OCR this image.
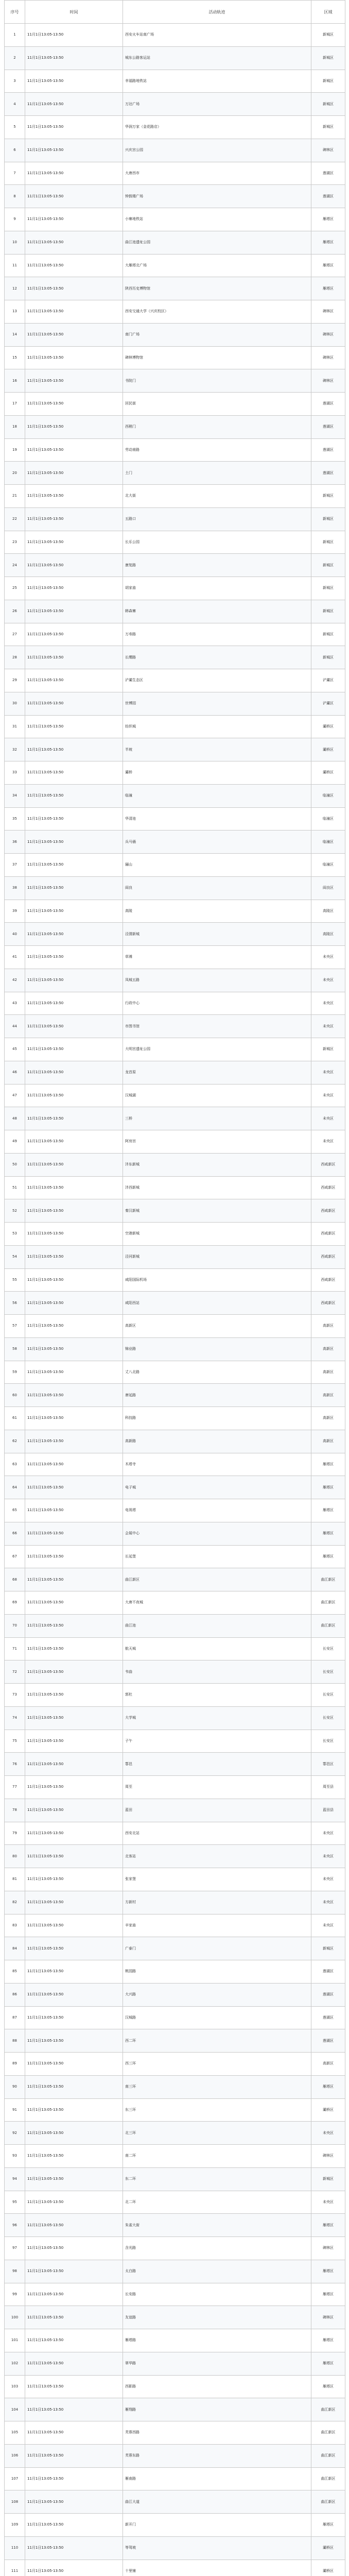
序号	时间	活动轨迹	区域
1	11月1日13:05-13:50	西安火车站南广场	新城区
2	11月1日13:05-13:50	城东公路客运站	新城区
3	11月1日13:05-13:50	幸福路地铁站	新城区
4	11月1日13:05-13:50	万达广场	新城区
5	11月1日13:05-13:50	华润万家（金花路店）	新城区
6	11月1日13:05-13:50	兴庆宫公园	碑林区
7	11月1日13:05-13:50	大唐西市	莲湖区
8	11月1日13:05-13:50	钟鼓楼广场	莲湖区
9	11月1日13:05-13:50	小寨地铁站	雁塔区
10	11月1日13:05-13:50	曲江池遗址公园	雁塔区
11	11月1日13:05-13:50	大雁塔北广场	雁塔区
12	11月1日13:05-13:50	陕西历史博物馆	雁塔区
13	11月1日13:05-13:50	西安交通大学（兴庆校区）	碑林区
14	11月1日13:05-13:50	南门广场	碑林区
15	11月1日13:05-13:50	碑林博物馆	碑林区
16	11月1日13:05-13:50	书院门	碑林区
17	11月1日13:05-13:50	回民街	莲湖区
18	11月1日13:05-13:50	西稍门	莲湖区
19	11月1日13:05-13:50	劳动南路	莲湖区
20	11月1日13:05-13:50	土门	莲湖区
21	11月1日13:05-13:50	北大街	新城区
22	11月1日13:05-13:50	五路口	新城区
23	11月1日13:05-13:50	长乐公园	新城区
24	11月1日13:05-13:50	康复路	新城区
25	11月1日13:05-13:50	胡家庙	新城区
26	11月1日13:05-13:50	韩森寨	新城区
27	11月1日13:05-13:50	万寿路	新城区
28	11月1日13:05-13:50	长缨路	新城区
29	11月1日13:05-13:50	浐灞生态区	浐灞区
30	11月1日13:05-13:50	世博园	浐灞区
31	11月1日13:05-13:50	纺织城	灞桥区
32	11月1日13:05-13:50	半坡	灞桥区
33	11月1日13:05-13:50	灞桥	灞桥区
34	11月1日13:05-13:50	临潼	临潼区
35	11月1日13:05-13:50	华清池	临潼区
36	11月1日13:05-13:50	兵马俑	临潼区
37	11月1日13:05-13:50	骊山	临潼区
38	11月1日13:05-13:50	阎良	阎良区
39	11月1日13:05-13:50	高陵	高陵区
40	11月1日13:05-13:50	泾渭新城	高陵区
41	11月1日13:05-13:50	草滩	未央区
42	11月1日13:05-13:50	凤城五路	未央区
43	11月1日13:05-13:50	行政中心	未央区
44	11月1日13:05-13:50	市图书馆	未央区
45	11月1日13:05-13:50	大明宫遗址公园	新城区
46	11月1日13:05-13:50	龙首原	未央区
47	11月1日13:05-13:50	汉城湖	未央区
48	11月1日13:05-13:50	三桥	未央区
49	11月1日13:05-13:50	阿房宫	未央区
50	11月1日13:05-13:50	沣东新城	西咸新区
51	11月1日13:05-13:50	沣西新城	西咸新区
52	11月1日13:05-13:50	秦汉新城	西咸新区
53	11月1日13:05-13:50	空港新城	西咸新区
54	11月1日13:05-13:50	泾河新城	西咸新区
55	11月1日13:05-13:50	咸阳国际机场	西咸新区
56	11月1日13:05-13:50	咸阳西站	西咸新区
57	11月1日13:05-13:50	高新区	高新区
58	11月1日13:05-13:50	锦业路	高新区
59	11月1日13:05-13:50	丈八北路	高新区
60	11月1日13:05-13:50	唐延路	高新区
61	11月1日13:05-13:50	科技路	高新区
62	11月1日13:05-13:50	高新路	高新区
63	11月1日13:05-13:50	木塔寺	雁塔区
64	11月1日13:05-13:50	电子城	雁塔区
65	11月1日13:05-13:50	电视塔	雁塔区
66	11月1日13:05-13:50	会展中心	雁塔区
67	11月1日13:05-13:50	长延堡	雁塔区
68	11月1日13:05-13:50	曲江新区	曲江新区
69	11月1日13:05-13:50	大唐不夜城	曲江新区
70	11月1日13:05-13:50	曲江池	曲江新区
71	11月1日13:05-13:50	航天城	长安区
72	11月1日13:05-13:50	韦曲	长安区
73	11月1日13:05-13:50	郭杜	长安区
74	11月1日13:05-13:50	大学城	长安区
75	11月1日13:05-13:50	子午	长安区
76	11月1日13:05-13:50	鄠邑	鄠邑区
77	11月1日13:05-13:50	周至	周至县
78	11月1日13:05-13:50	蓝田	蓝田县
79	11月1日13:05-13:50	西安北站	未央区
80	11月1日13:05-13:50	北客站	未央区
81	11月1日13:05-13:50	张家堡	未央区
82	11月1日13:05-13:50	方新村	未央区
83	11月1日13:05-13:50	辛家庙	未央区
84	11月1日13:05-13:50	广泰门	新城区
85	11月1日13:05-13:50	桃园路	莲湖区
86	11月1日13:05-13:50	大兴路	莲湖区
87	11月1日13:05-13:50	汉城路	莲湖区
88	11月1日13:05-13:50	西二环	莲湖区
89	11月1日13:05-13:50	西三环	高新区
90	11月1日13:05-13:50	南三环	雁塔区
91	11月1日13:05-13:50	东三环	灞桥区
92	11月1日13:05-13:50	北三环	未央区
93	11月1日13:05-13:50	南二环	碑林区
94	11月1日13:05-13:50	东二环	新城区
95	11月1日13:05-13:50	北二环	未央区
96	11月1日13:05-13:50	朱雀大街	雁塔区
97	11月1日13:05-13:50	含光路	碑林区
98	11月1日13:05-13:50	太白路	雁塔区
99	11月1日13:05-13:50	长安路	雁塔区
100	11月1日13:05-13:50	友谊路	碑林区
101	11月1日13:05-13:50	雁塔路	雁塔区
102	11月1日13:05-13:50	翠华路	雁塔区
103	11月1日13:05-13:50	西影路	雁塔区
104	11月1日13:05-13:50	雁翔路	曲江新区
105	11月1日13:05-13:50	芙蓉西路	曲江新区
106	11月1日13:05-13:50	芙蓉东路	曲江新区
107	11月1日13:05-13:50	雁南路	曲江新区
108	11月1日13:05-13:50	曲江大道	曲江新区
109	11月1日13:05-13:50	新开门	雁塔区
110	11月1日13:05-13:50	等驾坡	灞桥区
111	11月1日13:05-13:50	十里铺	灞桥区
